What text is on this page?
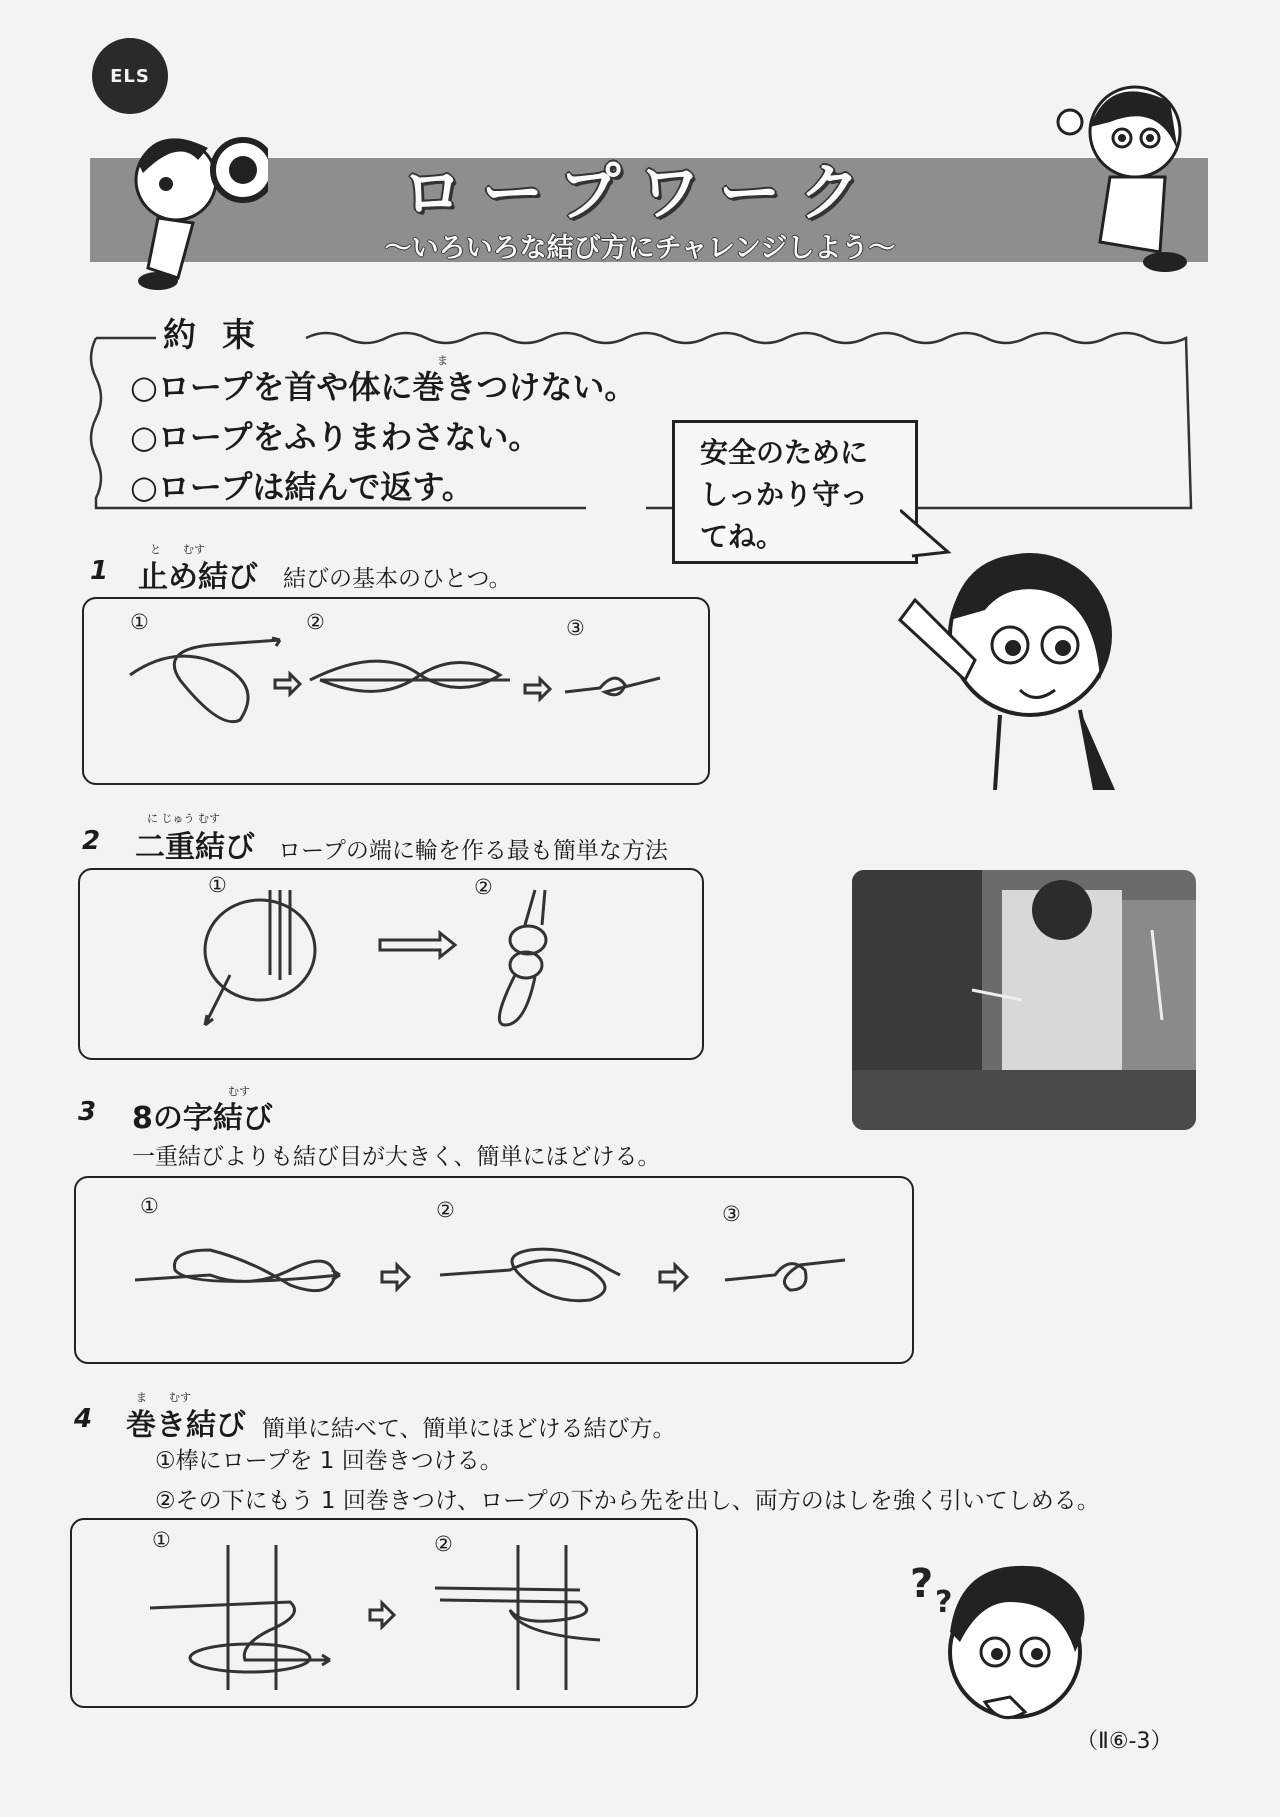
ELS
ロープワーク
～いろいろな結び方にチャレンジしよう～
約束
ま
○ロープを首や体に巻きつけない。
○ロープをふりまわさない。
○ロープは結んで返す。
安全のために
しっかり守っ
てね。
と　　むす
1 止め結び 結びの基本のひとつ。
①	②	③
に じゅう むす
2 二重結び ロープの端に輪を作る最も簡単な方法
①	②
むす
3 8の字結び
一重結びよりも結び目が大きく、簡単にほどける。
①	②	③
ま　　むす
4 巻き結び 簡単に結べて、簡単にほどける結び方。
①棒にロープを 1 回巻きつける。
②その下にもう 1 回巻きつけ、ロープの下から先を出し、両方のはしを強く引いてしめる。
①	②
? ?
（Ⅱ⑥-3）
